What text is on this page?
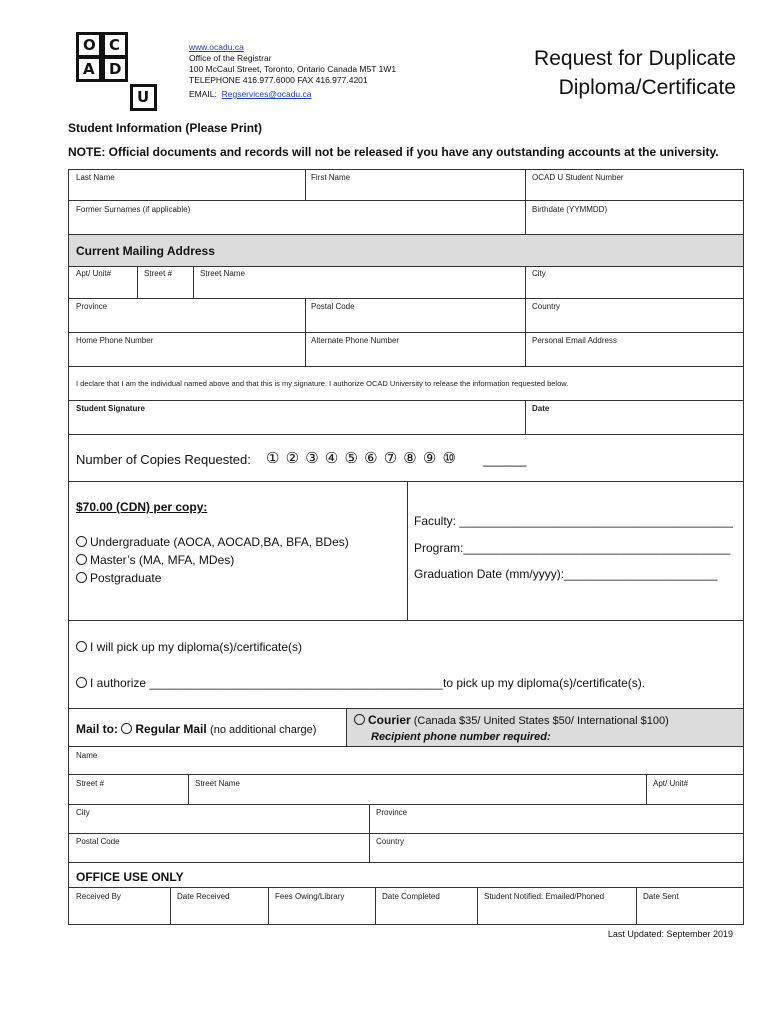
O C
A D
U
www.ocadu.ca
Office of the Registrar
100 McCaul Street, Toronto, Ontario Canada M5T 1W1
TELEPHONE 416.977.6000 FAX 416.977.4201
EMAIL: Regservices@ocadu.ca
Request for Duplicate
Diploma/Certificate
Student Information (Please Print)
NOTE: Official documents and records will not be released if you have any outstanding accounts at the university.
Last Name	First Name	OCAD U Student Number
Former Surnames (if applicable)	Birthdate (YYMMDD)
Current Mailing Address
Apt/ Unit#	Street #	Street Name	City
Province	Postal Code	Country
Home Phone Number	Alternate Phone Number	Personal Email Address
I declare that I am the individual named above and that this is my signature. I authorize OCAD University to release the information requested below.
Student Signature	Date
Number of Copies Requested: ① ② ③ ④ ⑤ ⑥ ⑦ ⑧ ⑨ ⑩ ______
$70.00 (CDN) per copy:
Undergraduate (AOCA, AOCAD,BA, BFA, BDes)
Master’s (MA, MFA, MDes)
Postgraduate
Faculty: _________________________________________
Program:________________________________________
Graduation Date (mm/yyyy):_______________________
I will pick up my diploma(s)/certificate(s)
I authorize ____________________________________________to pick up my diploma(s)/certificate(s).
Mail to: Regular Mail (no additional charge)
Courier (Canada $35/ United States $50/ International $100)
Recipient phone number required:
Name
Street #	Street Name	Apt/ Unit#
City	Province
Postal Code	Country
OFFICE USE ONLY
Received By	Date Received	Fees Owing/Library	Date Completed	Student Notified: Emailed/Phoned	Date Sent
Last Updated: September 2019
